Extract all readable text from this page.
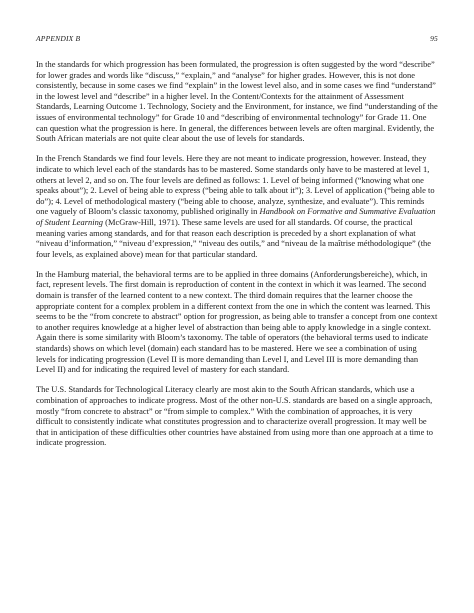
APPENDIX B	95

In the standards for which progression has been formulated, the progression is often suggested by the word “describe” for lower grades and words like “discuss,” “explain,” and “analyse” for higher grades. However, this is not done consistently, because in some cases we find “explain” in the lowest level also, and in some cases we find “understand” in the lowest level and “describe” in a higher level. In the Content/Contexts for the attainment of Assessment Standards, Learning Outcome 1. Technology, Society and the Environment, for instance, we find “understanding of the issues of environmental technology” for Grade 10 and “describing of environmental technology” for Grade 11. One can question what the progression is here. In general, the differences between levels are often marginal. Evidently, the South African materials are not quite clear about the use of levels for standards.

In the French Standards we find four levels. Here they are not meant to indicate progression, however. Instead, they indicate to which level each of the standards has to be mastered. Some standards only have to be mastered at level 1, others at level 2, and so on. The four levels are defined as follows: 1. Level of being informed (“knowing what one speaks about”); 2. Level of being able to express (“being able to talk about it”); 3. Level of application (“being able to do”); 4. Level of methodological mastery (“being able to choose, analyze, synthesize, and evaluate”). This reminds one vaguely of Bloom’s classic taxonomy, published originally in Handbook on Formative and Summative Evaluation of Student Learning (McGraw-Hill, 1971). These same levels are used for all standards. Of course, the practical meaning varies among standards, and for that reason each description is preceded by a short explanation of what “niveau d’information,” “niveau d’expression,” “niveau des outils,” and “niveau de la maîtrise méthodologique” (the four levels, as explained above) mean for that particular standard.

In the Hamburg material, the behavioral terms are to be applied in three domains (Anforderungsbereiche), which, in fact, represent levels. The first domain is reproduction of content in the context in which it was learned. The second domain is transfer of the learned content to a new context. The third domain requires that the learner choose the appropriate content for a complex problem in a different context from the one in which the content was learned. This seems to be the “from concrete to abstract” option for progression, as being able to transfer a concept from one context to another requires knowledge at a higher level of abstraction than being able to apply knowledge in a single context. Again there is some similarity with Bloom’s taxonomy. The table of operators (the behavioral terms used to indicate standards) shows on which level (domain) each standard has to be mastered. Here we see a combination of using levels for indicating progression (Level II is more demanding than Level I, and Level III is more demanding than Level II) and for indicating the required level of mastery for each standard.

The U.S. Standards for Technological Literacy clearly are most akin to the South African standards, which use a combination of approaches to indicate progress. Most of the other non-U.S. standards are based on a single approach, mostly “from concrete to abstract” or “from simple to complex.” With the combination of approaches, it is very difficult to consistently indicate what constitutes progression and to characterize overall progression. It may well be that in anticipation of these difficulties other countries have abstained from using more than one approach at a time to indicate progression.
